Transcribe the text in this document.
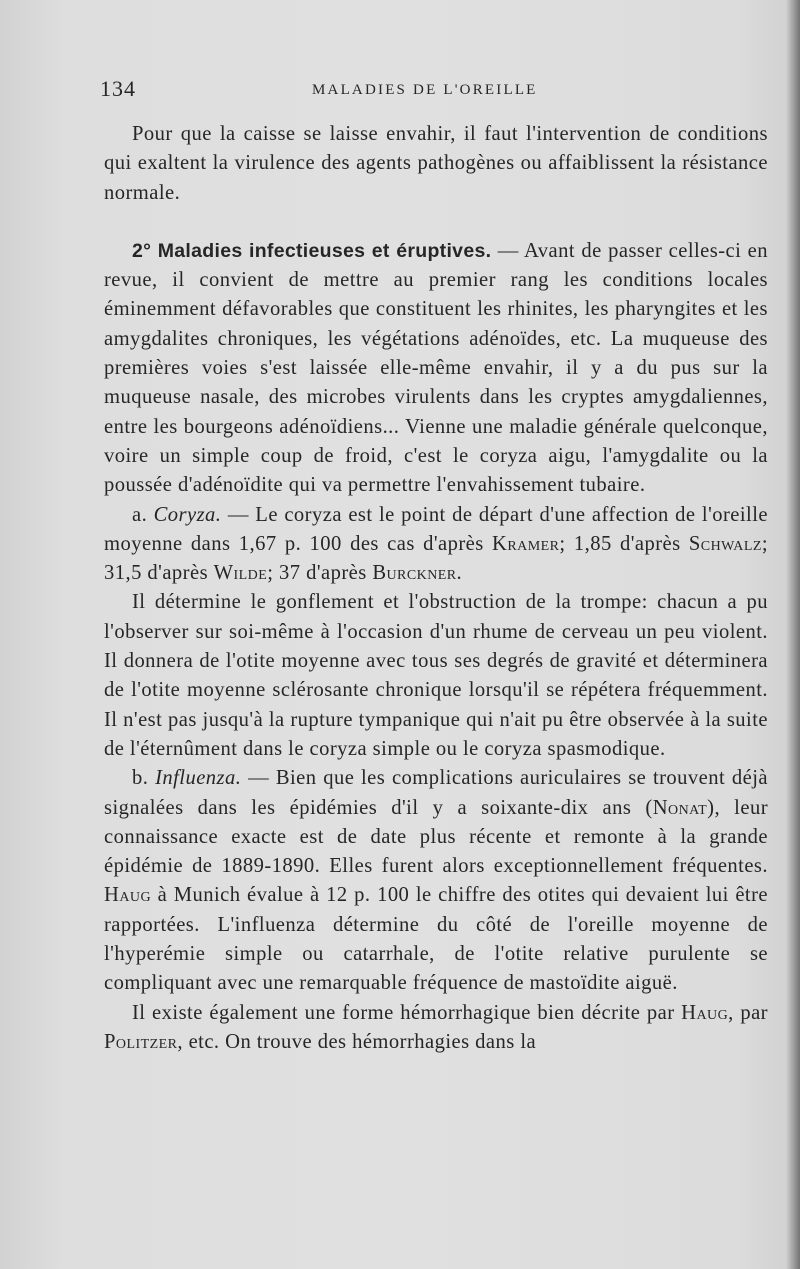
134	MALADIES DE L'OREILLE

Pour que la caisse se laisse envahir, il faut l'intervention de conditions qui exaltent la virulence des agents pathogènes ou affaiblissent la résistance normale.

2° Maladies infectieuses et éruptives. — Avant de passer celles-ci en revue, il convient de mettre au premier rang les conditions locales éminemment défavorables que constituent les rhinites, les pharyngites et les amygdalites chroniques, les végétations adénoïdes, etc. La muqueuse des premières voies s'est laissée elle-même envahir, il y a du pus sur la muqueuse nasale, des microbes virulents dans les cryptes amygdaliennes, entre les bourgeons adénoïdiens... Vienne une maladie générale quelconque, voire un simple coup de froid, c'est le coryza aigu, l'amygdalite ou la poussée d'adénoïdite qui va permettre l'envahissement tubaire.

a. Coryza. — Le coryza est le point de départ d'une affection de l'oreille moyenne dans 1,67 p. 100 des cas d'après Kramer; 1,85 d'après Schwalz; 31,5 d'après Wilde; 37 d'après Burckner.

Il détermine le gonflement et l'obstruction de la trompe: chacun a pu l'observer sur soi-même à l'occasion d'un rhume de cerveau un peu violent. Il donnera de l'otite moyenne avec tous ses degrés de gravité et déterminera de l'otite moyenne sclérosante chronique lorsqu'il se répétera fréquemment. Il n'est pas jusqu'à la rupture tympanique qui n'ait pu être observée à la suite de l'éternûment dans le coryza simple ou le coryza spasmodique.

b. Influenza. — Bien que les complications auriculaires se trouvent déjà signalées dans les épidémies d'il y a soixante-dix ans (Nonat), leur connaissance exacte est de date plus récente et remonte à la grande épidémie de 1889-1890. Elles furent alors exceptionnellement fréquentes. Haug à Munich évalue à 12 p. 100 le chiffre des otites qui devaient lui être rapportées. L'influenza détermine du côté de l'oreille moyenne de l'hyperémie simple ou catarrhale, de l'otite relative purulente se compliquant avec une remarquable fréquence de mastoïdite aiguë.

Il existe également une forme hémorrhagique bien décrite par Haug, par Politzer, etc. On trouve des hémorrhagies dans la
